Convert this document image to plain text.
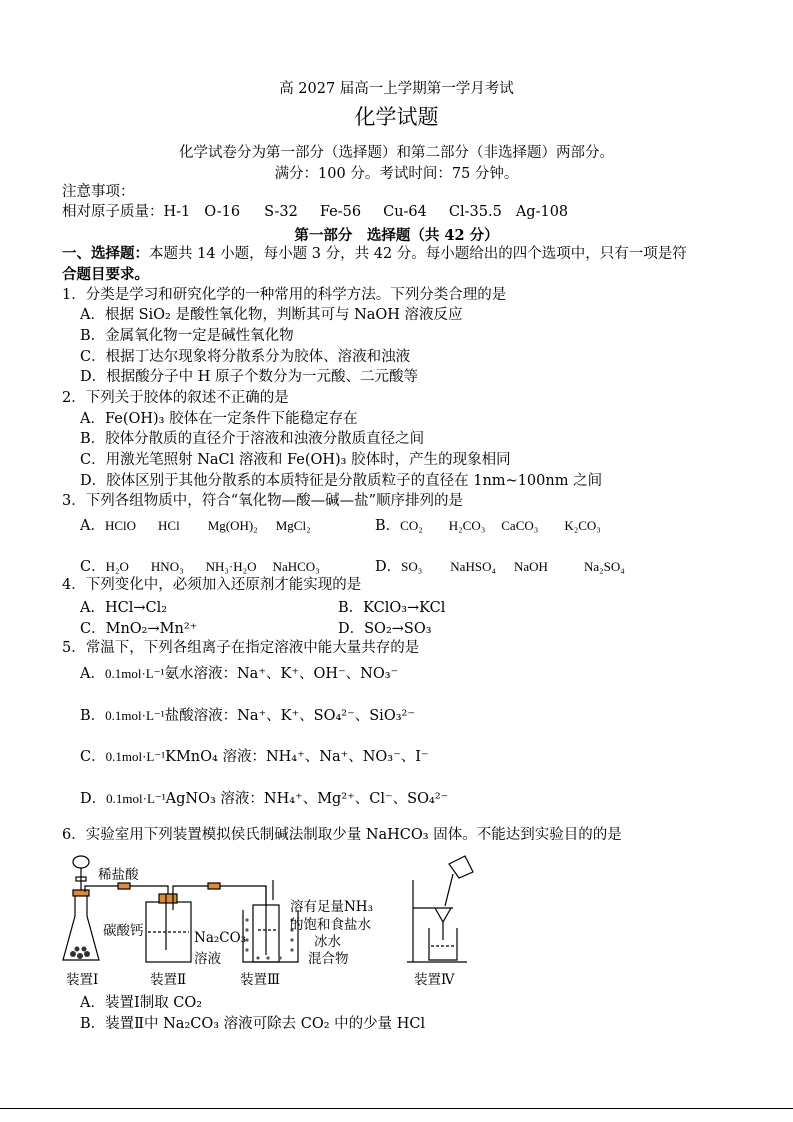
高 2027 届高一上学期第一学月考试
化学试题
化学试卷分为第一部分（选择题）和第二部分（非选择题）两部分。
满分：100 分。考试时间：75 分钟。
注意事项：
相对原子质量：H-1 O-16 S-32 Fe-56 Cu-64 Cl-35.5 Ag-108
第一部分　选择题（共 42 分）
一、选择题：本题共 14 小题，每小题 3 分，共 42 分。每小题给出的四个选项中，只有一项是符
合题目要求。
1．分类是学习和研究化学的一种常用的科学方法。下列分类合理的是
A．根据 SiO₂ 是酸性氧化物，判断其可与 NaOH 溶液反应
B．金属氧化物一定是碱性氧化物
C．根据丁达尔现象将分散系分为胶体、溶液和浊液
D．根据酸分子中 H 原子个数分为一元酸、二元酸等
2．下列关于胶体的叙述不正确的是
A．Fe(OH)₃ 胶体在一定条件下能稳定存在
B．胶体分散质的直径介于溶液和浊液分散质直径之间
C．用激光笔照射 NaCl 溶液和 Fe(OH)₃ 胶体时，产生的现象相同
D．胶体区别于其他分散系的本质特征是分散质粒子的直径在 1nm~100nm 之间
3．下列各组物质中，符合“氧化物—酸—碱—盐”顺序排列的是
A．HClO HCl Mg(OH)₂ MgCl₂	B．CO₂ H₂CO₃ CaCO₃ K₂CO₃
C．H₂O HNO₃ NH₃·H₂O NaHCO₃	D．SO₃ NaHSO₄ NaOH	Na₂SO₄
4．下列变化中，必须加入还原剂才能实现的是
A．HCl→Cl₂	B．KClO₃→KCl
C．MnO₂→Mn²⁺	D．SO₂→SO₃
5．常温下，下列各组离子在指定溶液中能大量共存的是
A．0.1mol·L⁻¹氨水溶液：Na⁺、K⁺、OH⁻、NO₃⁻
B．0.1mol·L⁻¹盐酸溶液：Na⁺、K⁺、SO₄²⁻、SiO₃²⁻
C．0.1mol·L⁻¹KMnO₄ 溶液：NH₄⁺、Na⁺、NO₃⁻、I⁻
D．0.1mol·L⁻¹AgNO₃ 溶液：NH₄⁺、Mg²⁺、Cl⁻、SO₄²⁻
6．实验室用下列装置模拟侯氏制碱法制取少量 NaHCO₃ 固体。不能达到实验目的的是
稀盐酸
碳酸钙	Na₂CO₃
溶液
溶有足量NH₃
的饱和食盐水
冰水
混合物
装置Ⅰ	装置Ⅱ	装置Ⅲ	装置Ⅳ
A．装置Ⅰ制取 CO₂
B．装置Ⅱ中 Na₂CO₃ 溶液可除去 CO₂ 中的少量 HCl
